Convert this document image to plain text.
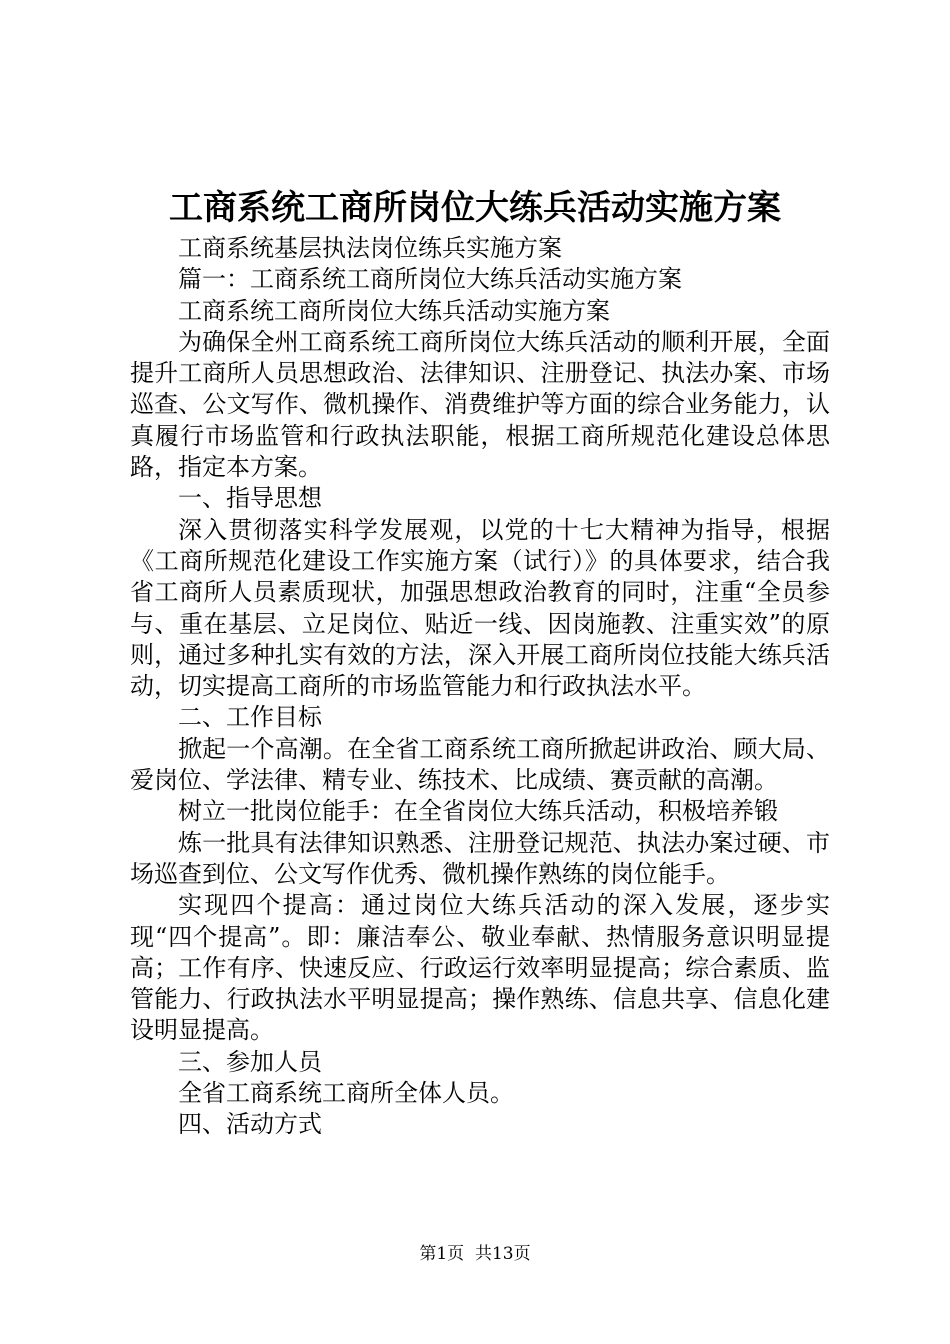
工商系统工商所岗位大练兵活动实施方案

工商系统基层执法岗位练兵实施方案

篇一：工商系统工商所岗位大练兵活动实施方案

工商系统工商所岗位大练兵活动实施方案

为确保全州工商系统工商所岗位大练兵活动的顺利开展，全面提升工商所人员思想政治、法律知识、注册登记、执法办案、市场巡查、公文写作、微机操作、消费维护等方面的综合业务能力，认真履行市场监管和行政执法职能，根据工商所规范化建设总体思路，指定本方案。

一、指导思想

深入贯彻落实科学发展观，以党的十七大精神为指导，根据《工商所规范化建设工作实施方案（试行）》的具体要求，结合我省工商所人员素质现状，加强思想政治教育的同时，注重“全员参与、重在基层、立足岗位、贴近一线、因岗施教、注重实效”的原则，通过多种扎实有效的方法，深入开展工商所岗位技能大练兵活动，切实提高工商所的市场监管能力和行政执法水平。

二、工作目标

掀起一个高潮。在全省工商系统工商所掀起讲政治、顾大局、爱岗位、学法律、精专业、练技术、比成绩、赛贡献的高潮。

树立一批岗位能手：在全省岗位大练兵活动，积极培养锻

炼一批具有法律知识熟悉、注册登记规范、执法办案过硬、市场巡查到位、公文写作优秀、微机操作熟练的岗位能手。

实现四个提高：通过岗位大练兵活动的深入发展，逐步实现“四个提高”。即：廉洁奉公、敬业奉献、热情服务意识明显提高；工作有序、快速反应、行政运行效率明显提高；综合素质、监管能力、行政执法水平明显提高；操作熟练、信息共享、信息化建设明显提高。

三、参加人员

全省工商系统工商所全体人员。

四、活动方式

第1页  共13页
